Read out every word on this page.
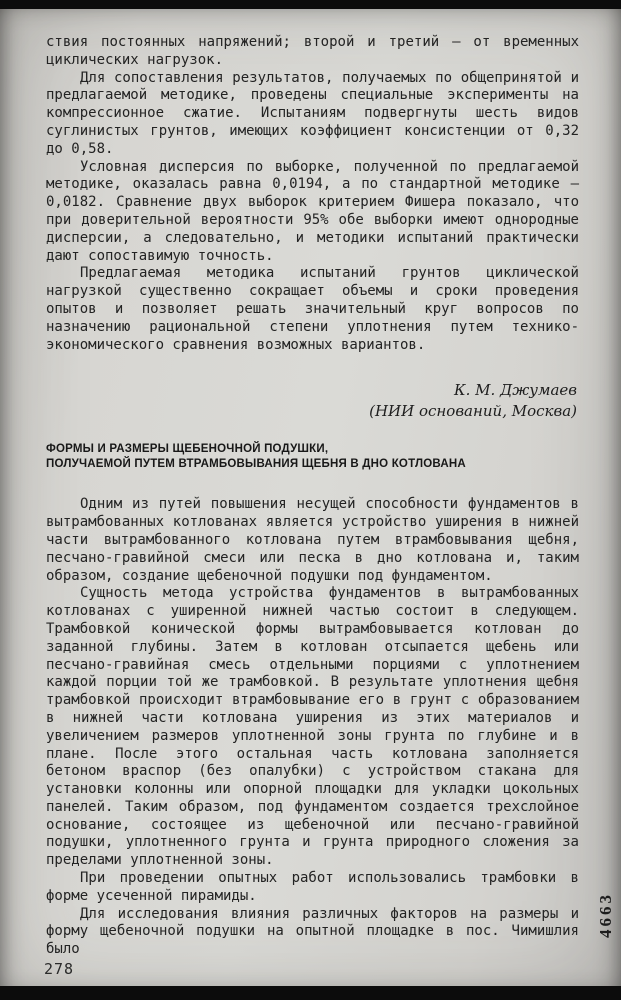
ствия постоянных напряжений; второй и третий – от временных циклических нагрузок.

Для сопоставления результатов, получаемых по общепринятой и предлагаемой методике, проведены специальные эксперименты на компрессионное сжатие. Испытаниям подвергнуты шесть видов суглинистых грунтов, имеющих коэффициент консистенции от 0,32 до 0,58.

Условная дисперсия по выборке, полученной по предлагаемой методике, оказалась равна 0,0194, а по стандартной методике – 0,0182. Сравнение двух выборок критерием Фишера показало, что при доверительной вероятности 95% обе выборки имеют однородные дисперсии, а следовательно, и методики испытаний практически дают сопоставимую точность.

Предлагаемая методика испытаний грунтов циклической нагрузкой существенно сокращает объемы и сроки проведения опытов и позволяет решать значительный круг вопросов по назначению рациональной степени уплотнения путем технико-экономического сравнения возможных вариантов.

К. М. Джумаев
(НИИ оснований, Москва)
ФОРМЫ И РАЗМЕРЫ ЩЕБЕНОЧНОЙ ПОДУШКИ,
ПОЛУЧАЕМОЙ ПУТЕМ ВТРАМБОВЫВАНИЯ ЩЕБНЯ В ДНО КОТЛОВАНА

Одним из путей повышения несущей способности фундаментов в вытрамбованных котлованах является устройство уширения в нижней части вытрамбованного котлована путем втрамбовывания щебня, песчано-гравийной смеси или песка в дно котлована и, таким образом, создание щебеночной подушки под фундаментом.

Сущность метода устройства фундаментов в вытрамбованных котлованах с уширенной нижней частью состоит в следующем. Трамбовкой конической формы вытрамбовывается котлован до заданной глубины. Затем в котлован отсыпается щебень или песчано-гравийная смесь отдельными порциями с уплотнением каждой порции той же трамбовкой. В результате уплотнения щебня трамбовкой происходит втрамбовывание его в грунт с образованием в нижней части котлована уширения из этих материалов и увеличением размеров уплотненной зоны грунта по глубине и в плане. После этого остальная часть котлована заполняется бетоном враспор (без опалубки) с устройством стакана для установки колонны или опорной площадки для укладки цокольных панелей. Таким образом, под фундаментом создается трехслойное основание, состоящее из щебеночной или песчано-гравийной подушки, уплотненного грунта и грунта природного сложения за пределами уплотненной зоны.

При проведении опытных работ использовались трамбовки в форме усеченной пирамиды.

Для исследования влияния различных факторов на размеры и форму щебеночной подушки на опытной площадке в пос. Чимишлия было

278
4663
